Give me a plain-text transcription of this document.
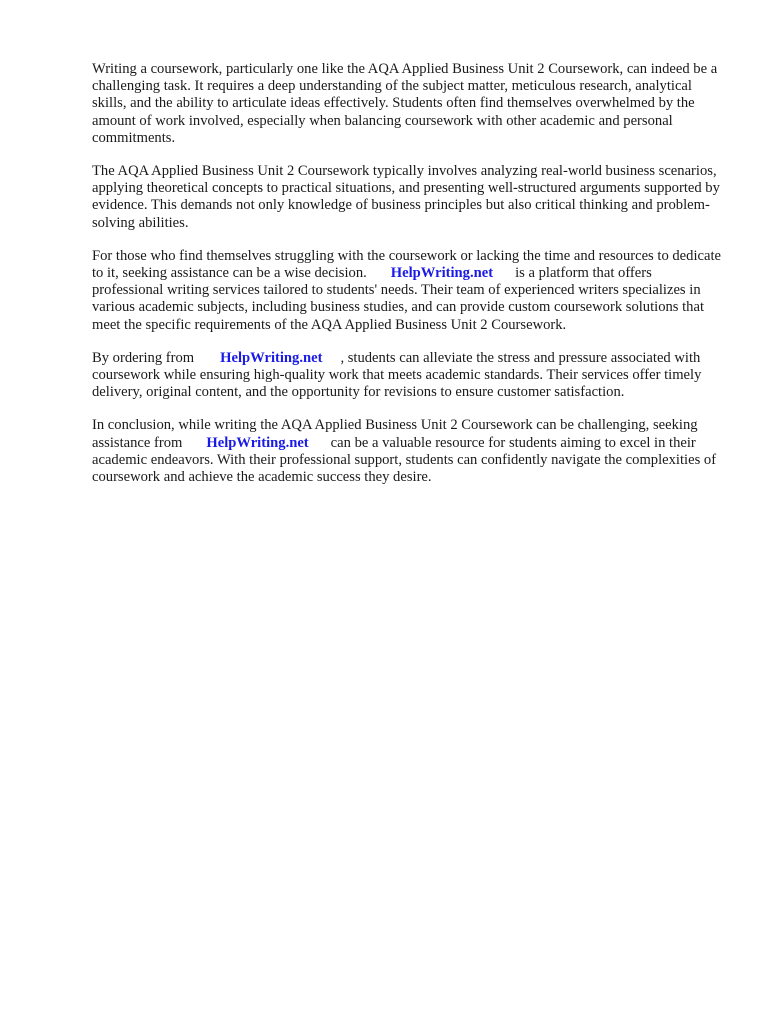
Writing a coursework, particularly one like the AQA Applied Business Unit 2 Coursework, can indeed be a challenging task. It requires a deep understanding of the subject matter, meticulous research, analytical skills, and the ability to articulate ideas effectively. Students often find themselves overwhelmed by the amount of work involved, especially when balancing coursework with other academic and personal commitments.

The AQA Applied Business Unit 2 Coursework typically involves analyzing real-world business scenarios, applying theoretical concepts to practical situations, and presenting well-structured arguments supported by evidence. This demands not only knowledge of business principles but also critical thinking and problem-solving abilities.

For those who find themselves struggling with the coursework or lacking the time and resources to dedicate to it, seeking assistance can be a wise decision. HelpWriting.net is a platform that offers professional writing services tailored to students' needs. Their team of experienced writers specializes in various academic subjects, including business studies, and can provide custom coursework solutions that meet the specific requirements of the AQA Applied Business Unit 2 Coursework.

By ordering from HelpWriting.net , students can alleviate the stress and pressure associated with coursework while ensuring high-quality work that meets academic standards. Their services offer timely delivery, original content, and the opportunity for revisions to ensure customer satisfaction.

In conclusion, while writing the AQA Applied Business Unit 2 Coursework can be challenging, seeking assistance from HelpWriting.net can be a valuable resource for students aiming to excel in their academic endeavors. With their professional support, students can confidently navigate the complexities of coursework and achieve the academic success they desire.
